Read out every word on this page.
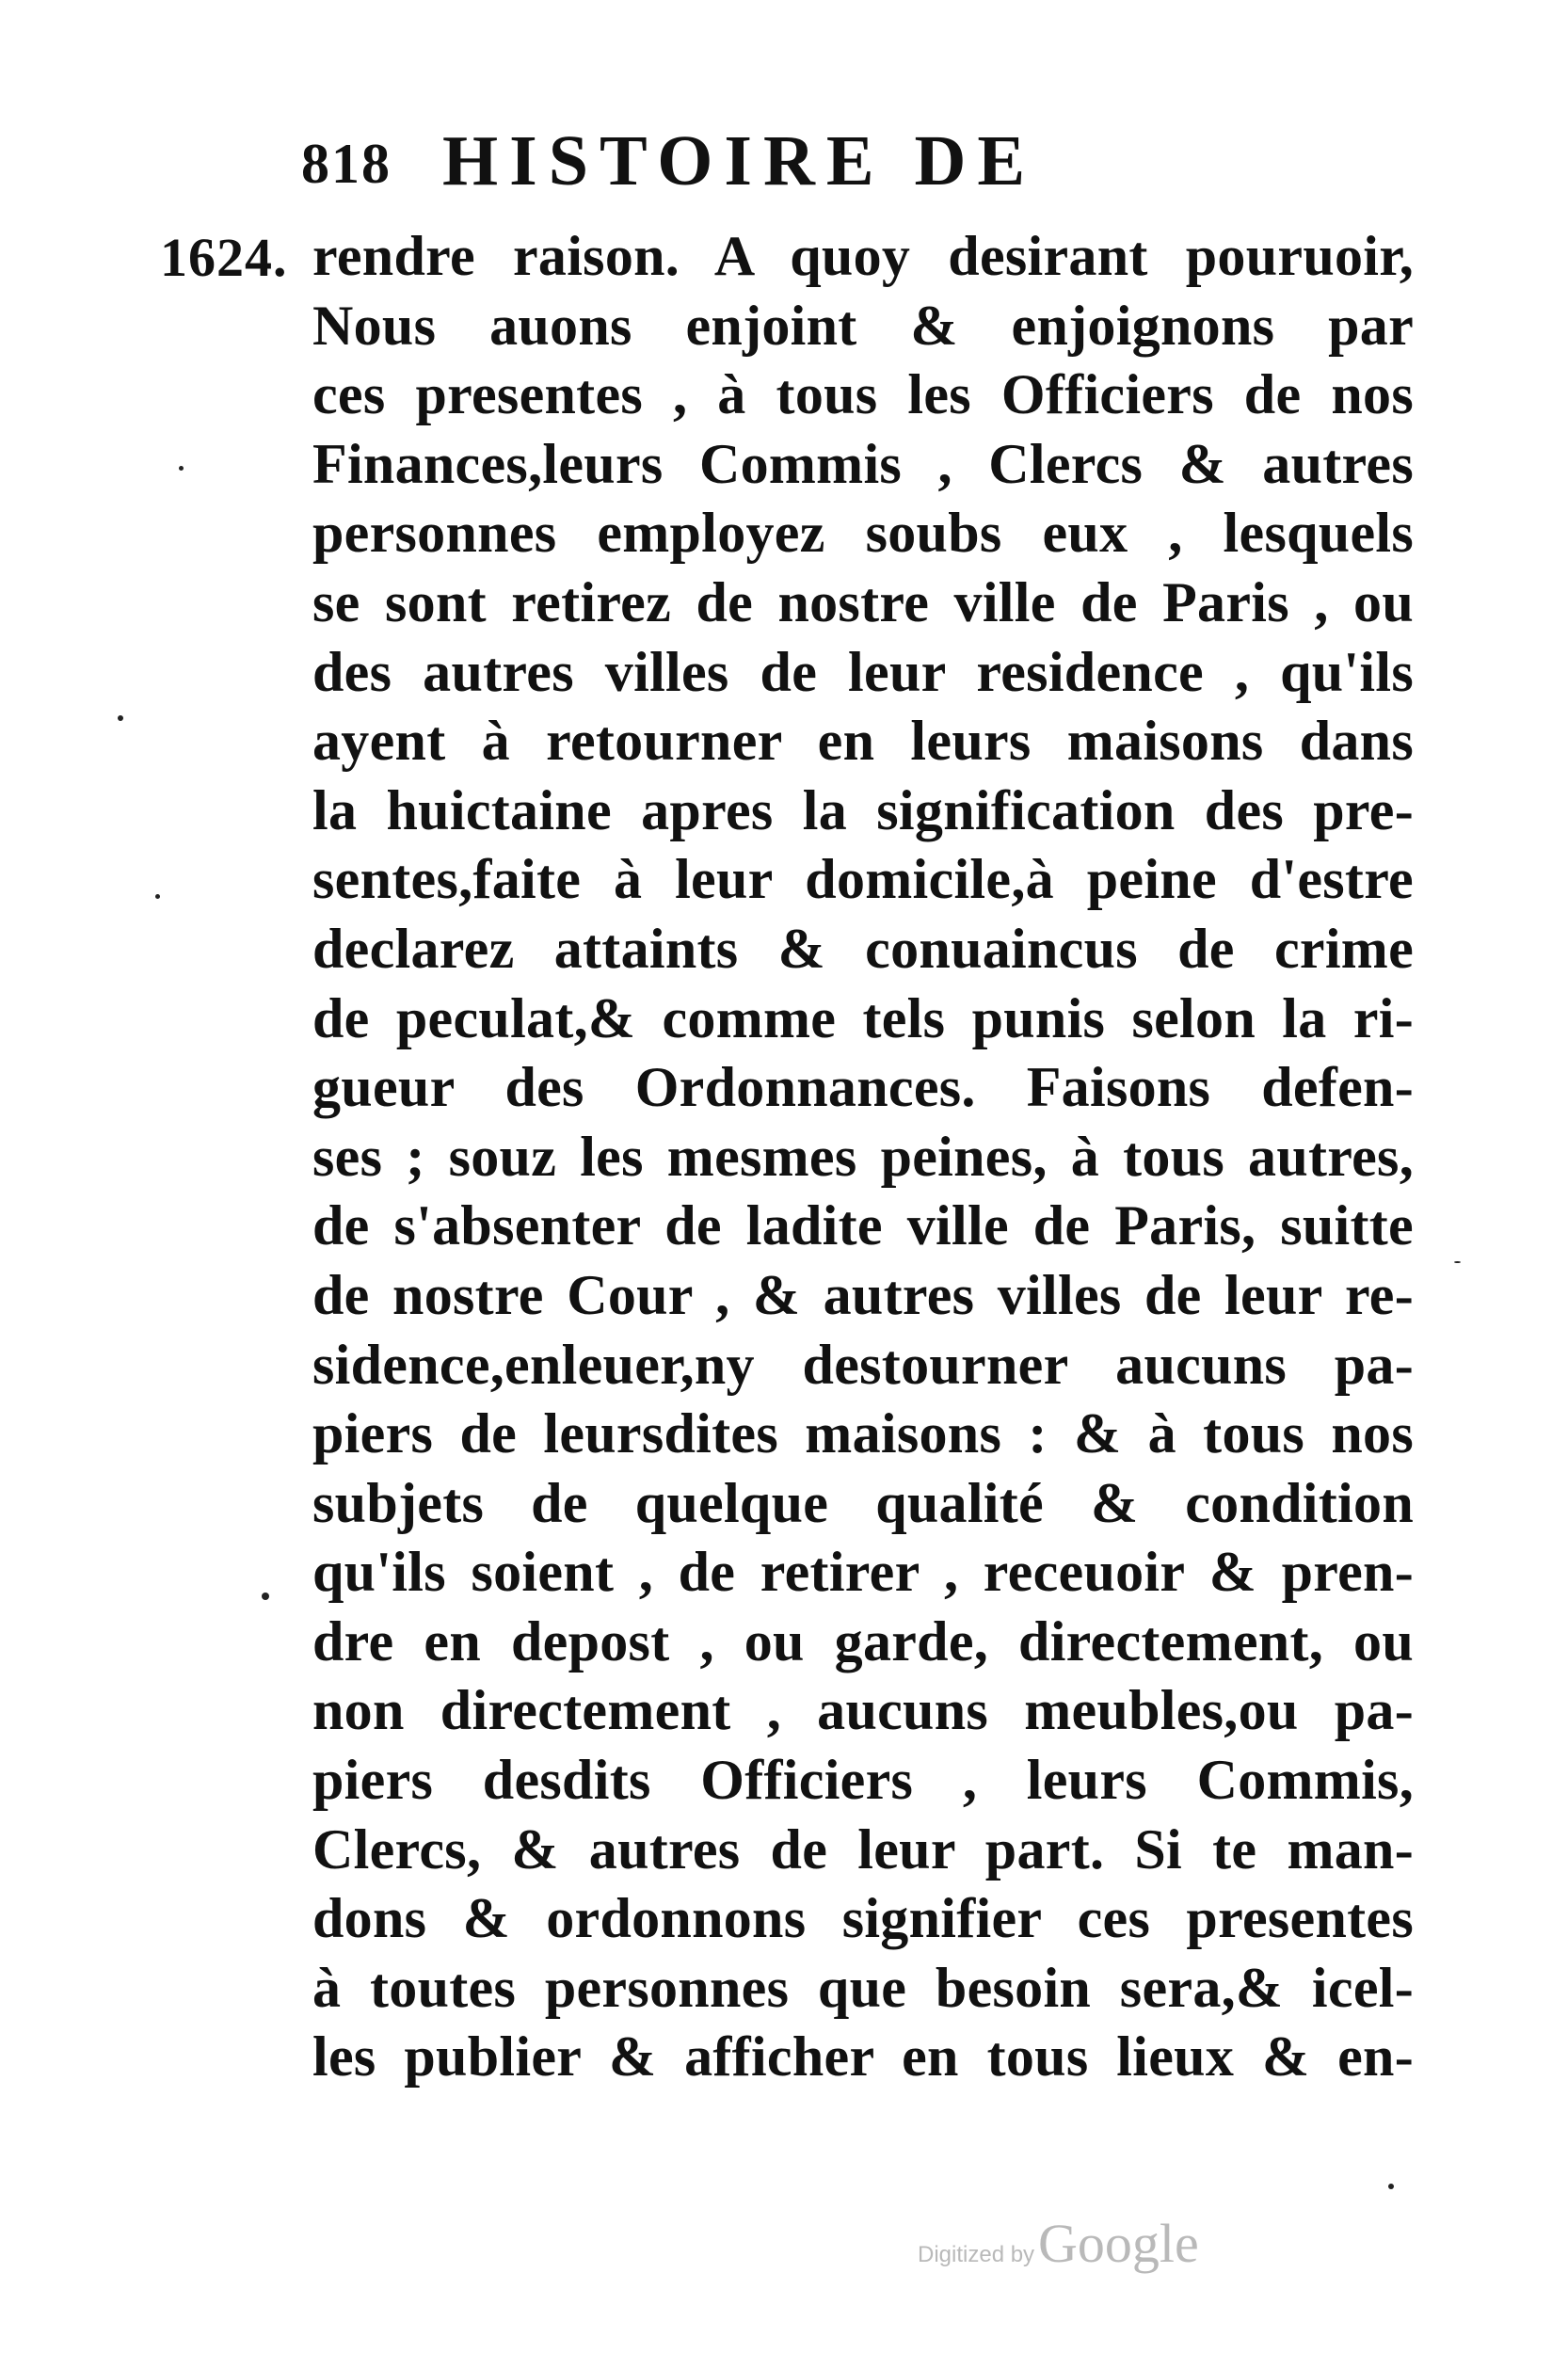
818 HISTOIRE DE
1624. rendre raison. A quoy desirant pouruoir,
Nous auons enjoint & enjoignons par
ces presentes , à tous les Officiers de nos
Finances,leurs Commis , Clercs & autres
personnes employez soubs eux , lesquels
se sont retirez de nostre ville de Paris , ou
des autres villes de leur residence , qu'ils
ayent à retourner en leurs maisons dans
la huictaine apres la signification des pre-
sentes,faite à leur domicile,à peine d'estre
declarez attaints & conuaincus de crime
de peculat,& comme tels punis selon la ri-
gueur des Ordonnances. Faisons defen-
ses ; souz les mesmes peines, à tous autres,
de s'absenter de ladite ville de Paris, suitte
de nostre Cour , & autres villes de leur re-
sidence,enleuer,ny destourner aucuns pa-
piers de leursdites maisons : & à tous nos
subjets de quelque qualité & condition
qu'ils soient , de retirer , receuoir & pren-
dre en depost , ou garde, directement, ou
non directement , aucuns meubles,ou pa-
piers desdits Officiers , leurs Commis,
Clercs, & autres de leur part. Si te man-
dons & ordonnons signifier ces presentes
à toutes personnes que besoin sera,& icel-
les publier & afficher en tous lieux & en-
Digitized by Google
